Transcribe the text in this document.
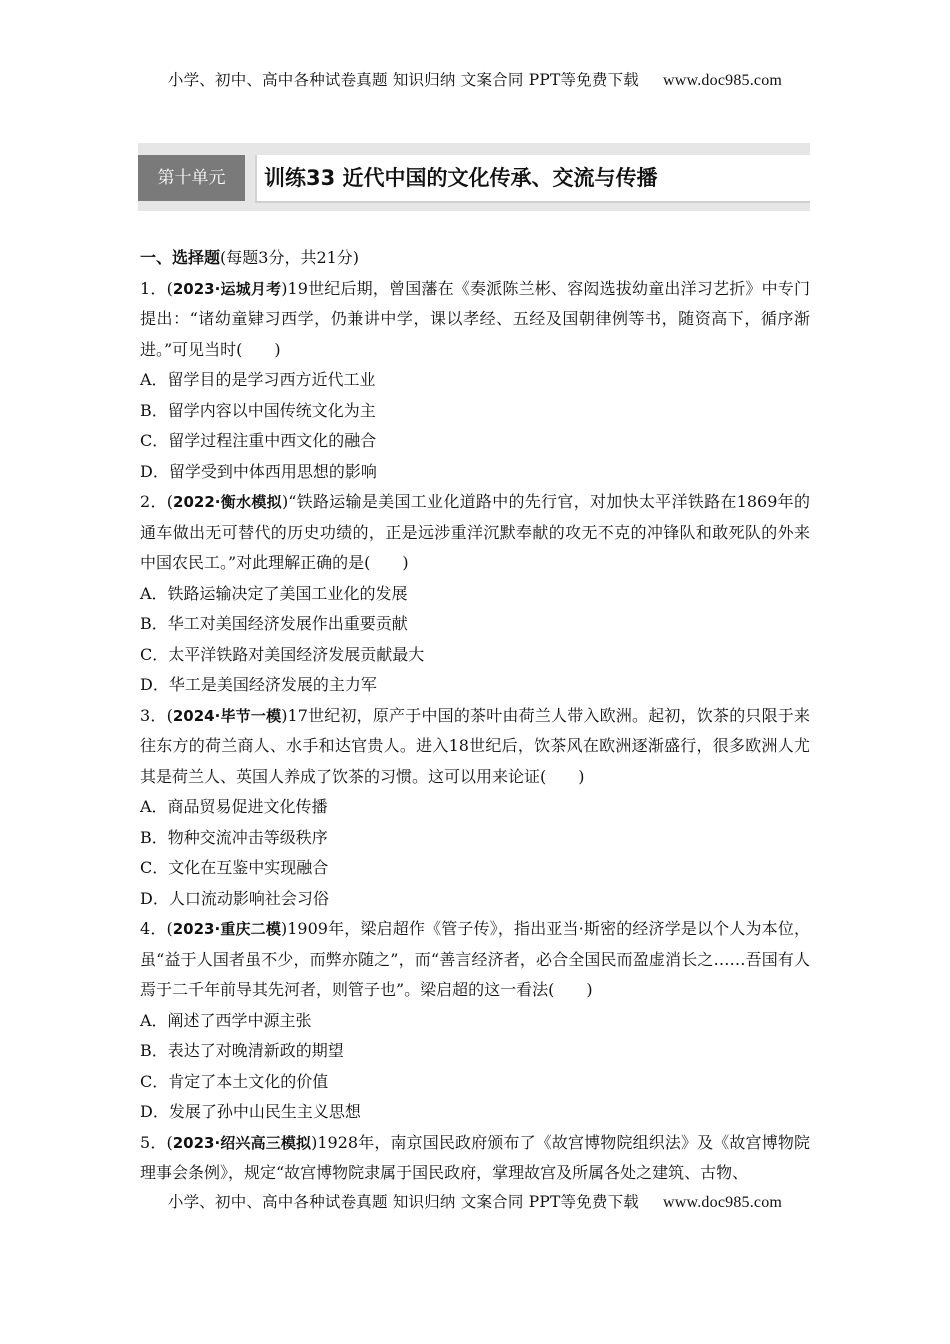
小学、初中、高中各种试卷真题 知识归纳 文案合同 PPT等免费下载 www.doc985.com
第十单元	训练33 近代中国的文化传承、交流与传播

一、选择题(每题3分，共21分)

1．(2023·运城月考)19世纪后期，曾国藩在《奏派陈兰彬、容闳选拔幼童出洋习艺折》中专门提出：“诸幼童肄习西学，仍兼讲中学，课以孝经、五经及国朝律例等书，随资高下，循序渐进。”可见当时(　　)

A．留学目的是学习西方近代工业

B．留学内容以中国传统文化为主

C．留学过程注重中西文化的融合

D．留学受到中体西用思想的影响

2．(2022·衡水模拟)“铁路运输是美国工业化道路中的先行官，对加快太平洋铁路在1869年的通车做出无可替代的历史功绩的，正是远涉重洋沉默奉献的攻无不克的冲锋队和敢死队的外来中国农民工。”对此理解正确的是(　　)

A．铁路运输决定了美国工业化的发展

B．华工对美国经济发展作出重要贡献

C．太平洋铁路对美国经济发展贡献最大

D．华工是美国经济发展的主力军

3．(2024·毕节一模)17世纪初，原产于中国的茶叶由荷兰人带入欧洲。起初，饮茶的只限于来往东方的荷兰商人、水手和达官贵人。进入18世纪后，饮茶风在欧洲逐渐盛行，很多欧洲人尤其是荷兰人、英国人养成了饮茶的习惯。这可以用来论证(　　)

A．商品贸易促进文化传播

B．物种交流冲击等级秩序

C．文化在互鉴中实现融合

D．人口流动影响社会习俗

4．(2023·重庆二模)1909年，梁启超作《管子传》，指出亚当·斯密的经济学是以个人为本位，虽“益于人国者虽不少，而弊亦随之”，而“善言经济者，必合全国民而盈虚消长之……吾国有人焉于二千年前导其先河者，则管子也”。梁启超的这一看法(　　)

A．阐述了西学中源主张

B．表达了对晚清新政的期望

C．肯定了本土文化的价值

D．发展了孙中山民生主义思想

5．(2023·绍兴高三模拟)1928年，南京国民政府颁布了《故宫博物院组织法》及《故宫博物院理事会条例》，规定“故宫博物院隶属于国民政府，掌理故宫及所属各处之建筑、古物、

小学、初中、高中各种试卷真题 知识归纳 文案合同 PPT等免费下载 www.doc985.com
